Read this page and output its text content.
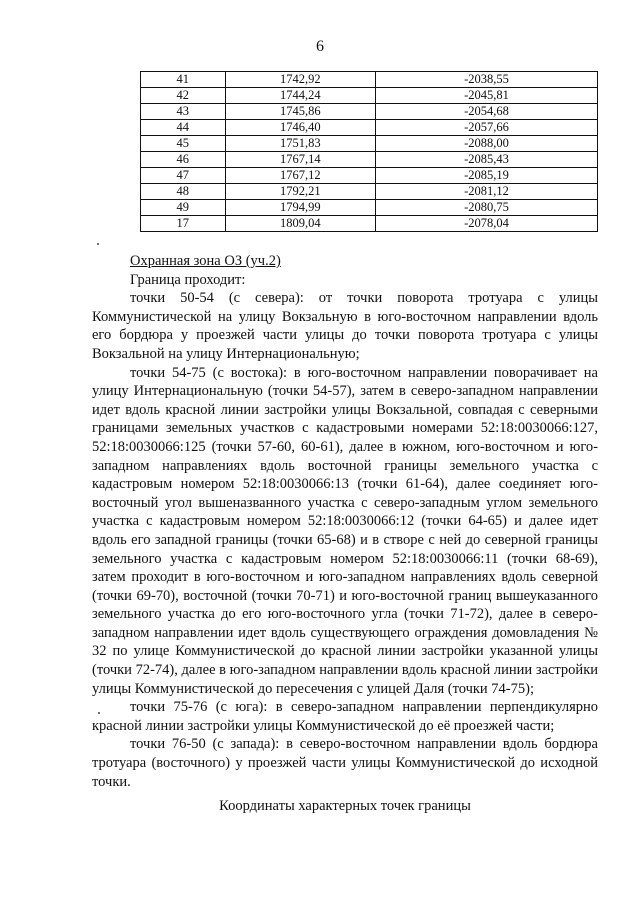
6
41	1742,92	-2038,55
42	1744,24	-2045,81
43	1745,86	-2054,68
44	1746,40	-2057,66
45	1751,83	-2088,00
46	1767,14	-2085,43
47	1767,12	-2085,19
48	1792,21	-2081,12
49	1794,99	-2080,75
17	1809,04	-2078,04

Охранная зона ОЗ (уч.2)

Граница проходит:

точки 50-54 (с севера): от точки поворота тротуара с улицы Коммунистической на улицу Вокзальную в юго-восточном направлении вдоль его бордюра у проезжей части улицы до точки поворота тротуара с улицы Вокзальной на улицу Интернациональную;

точки 54-75 (с востока): в юго-восточном направлении поворачивает на улицу Интернациональную (точки 54-57), затем в северо-западном направлении идет вдоль красной линии застройки улицы Вокзальной, совпадая с северными границами земельных участков с кадастровыми номерами 52:18:0030066:127, 52:18:0030066:125 (точки 57-60, 60-61), далее в южном, юго-восточном и юго-западном направлениях вдоль восточной границы земельного участка с кадастровым номером 52:18:0030066:13 (точки 61-64), далее соединяет юго-восточный угол вышеназванного участка с северо-западным углом земельного участка с кадастровым номером 52:18:0030066:12 (точки 64-65) и далее идет вдоль его западной границы (точки 65-68) и в створе с ней до северной границы земельного участка с кадастровым номером 52:18:0030066:11 (точки 68-69), затем проходит в юго-восточном и юго-западном направлениях вдоль северной (точки 69-70), восточной (точки 70-71) и юго-восточной границ вышеуказанного земельного участка до его юго-восточного угла (точки 71-72), далее в северо-западном направлении идет вдоль существующего ограждения домовладения № 32 по улице Коммунистической до красной линии застройки указанной улицы (точки 72-74), далее в юго-западном направлении вдоль красной линии застройки улицы Коммунистической до пересечения с улицей Даля (точки 74-75);

точки 75-76 (с юга): в северо-западном направлении перпендикулярно красной линии застройки улицы Коммунистической до её проезжей части;

точки 76-50 (с запада): в северо-восточном направлении вдоль бордюра тротуара (восточного) у проезжей части улицы Коммунистической до исходной точки.

Координаты характерных точек границы
